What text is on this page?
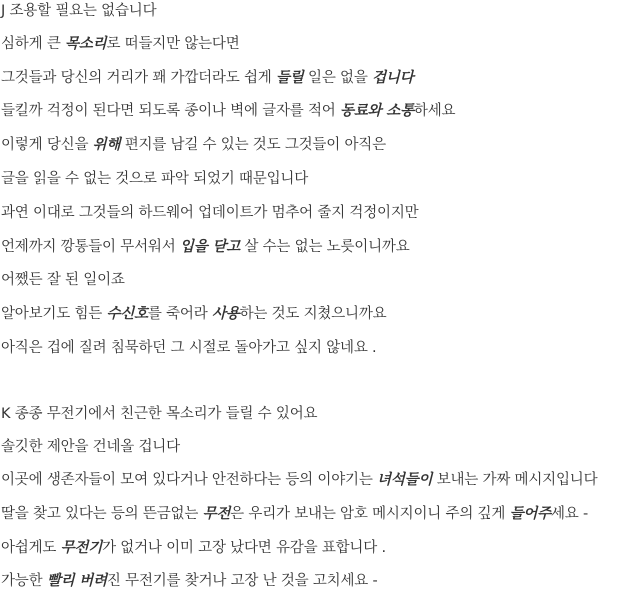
J 조용할 필요는 없습니다
심하게 큰 목소리로 떠들지만 않는다면
그것들과 당신의 거리가 꽤 가깝더라도 쉽게 들릴 일은 없을 겁니다
들킬까 걱정이 된다면 되도록 종이나 벽에 글자를 적어 동료와 소통하세요
이렇게 당신을 위해 편지를 남길 수 있는 것도 그것들이 아직은
글을 읽을 수 없는 것으로 파악 되었기 때문입니다
과연 이대로 그것들의 하드웨어 업데이트가 멈추어 줄지 걱정이지만
언제까지 깡통들이 무서워서 입을 닫고 살 수는 없는 노릇이니까요
어쨌든 잘 된 일이죠
알아보기도 힘든 수신호를 죽어라 사용하는 것도 지쳤으니까요
아직은 겁에 질려 침묵하던 그 시절로 돌아가고 싶지 않네요 .
K 종종 무전기에서 친근한 목소리가 들릴 수 있어요
솔깃한 제안을 건네올 겁니다
이곳에 생존자들이 모여 있다거나 안전하다는 등의 이야기는 녀석들이 보내는 가짜 메시지입니다
딸을 찾고 있다는 등의 뜬금없는 무전은 우리가 보내는 암호 메시지이니 주의 깊게 들어주세요 -
아쉽게도 무전기가 없거나 이미 고장 났다면 유감을 표합니다 .
가능한 빨리 버려진 무전기를 찾거나 고장 난 것을 고치세요 -
